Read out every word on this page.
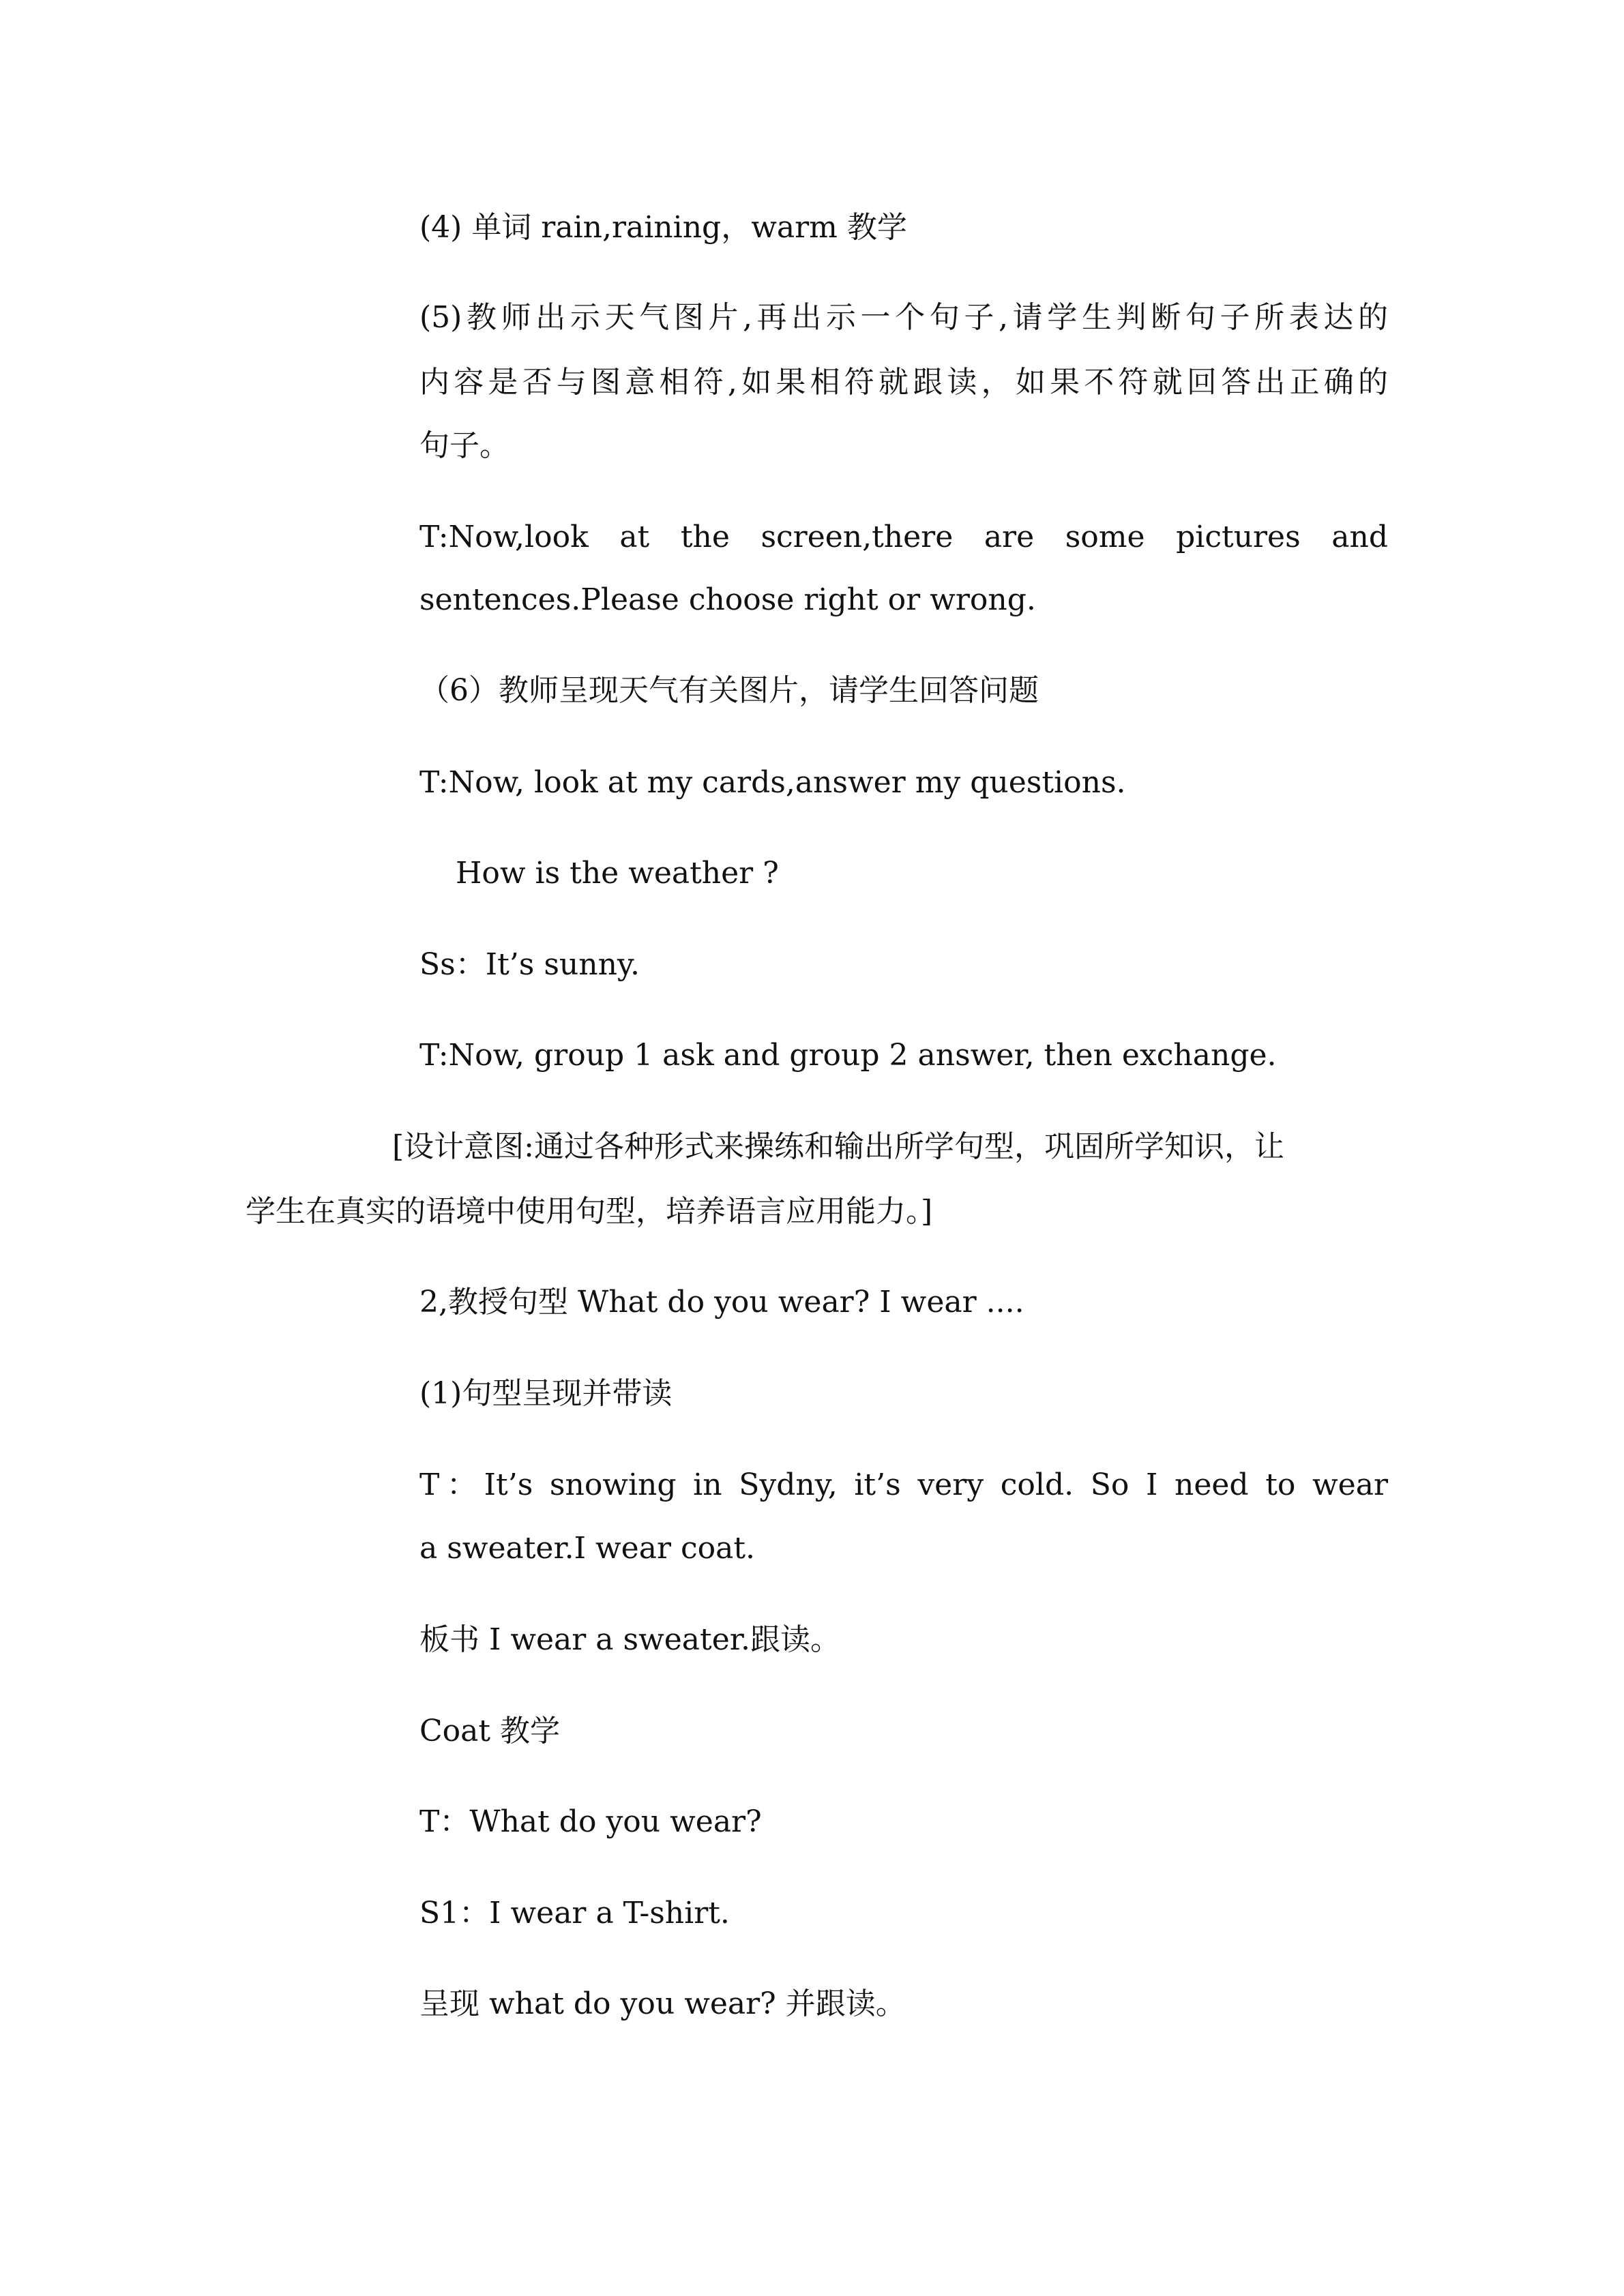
(4) 单词 rain,raining，warm 教学

(5)教师出示天气图片,再出示一个句子,请学生判断句子所表达的

内容是否与图意相符,如果相符就跟读，如果不符就回答出正确的

句子。

T:Now,look at the screen,there are some pictures and

sentences.Please choose right or wrong.

（6）教师呈现天气有关图片，请学生回答问题

T:Now, look at my cards,answer my questions.

How is the weather ?

Ss：It’s sunny.

T:Now, group 1 ask and group 2 answer, then exchange.

[设计意图:通过各种形式来操练和输出所学句型，巩固所学知识，让

学生在真实的语境中使用句型，培养语言应用能力。]

2,教授句型 What do you wear? I wear ....

(1)句型呈现并带读

T：It’s snowing in Sydny, it’s very cold. So I need to wear

a sweater.I wear coat.

板书 I wear a sweater.跟读。

Coat 教学

T：What do you wear?

S1：I wear a T-shirt.

呈现 what do you wear? 并跟读。
